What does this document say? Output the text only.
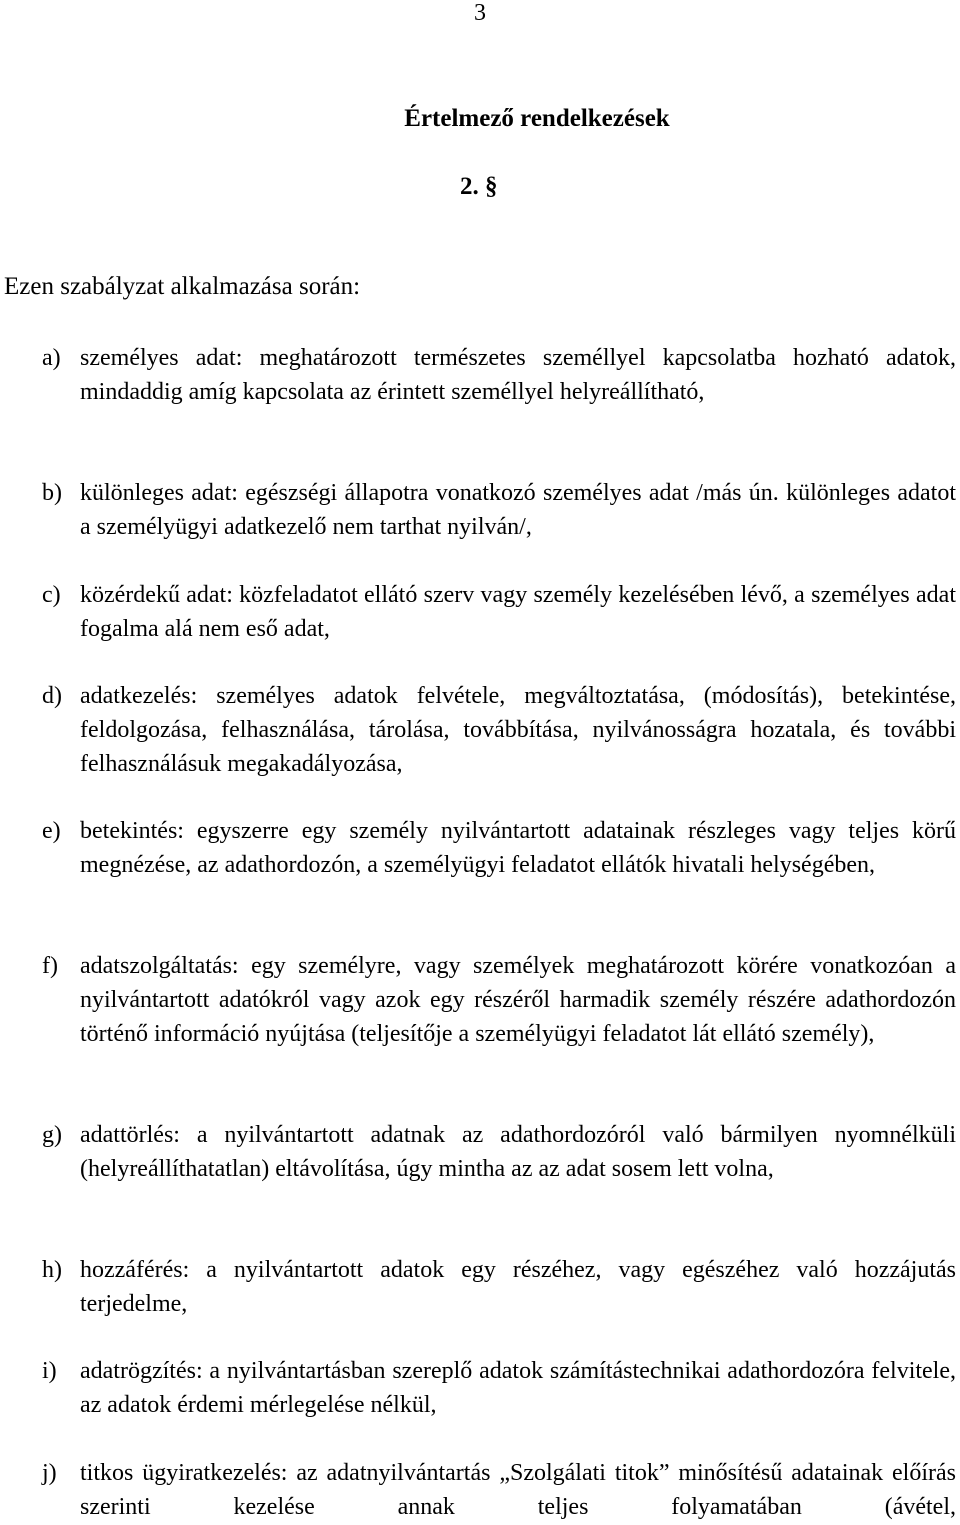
3
Értelmező rendelkezések
2. §
Ezen szabályzat alkalmazása során:
a) személyes adat: meghatározott természetes személlyel kapcsolatba hozható adatok, mindaddig amíg kapcsolata az érintett személlyel helyreállítható,
b) különleges adat: egészségi állapotra vonatkozó személyes adat /más ún. különleges adatot a személyügyi adatkezelő nem tarthat nyilván/,
c) közérdekű adat: közfeladatot ellátó szerv vagy személy kezelésében lévő, a személyes adat fogalma alá nem eső adat,
d) adatkezelés: személyes adatok felvétele, megváltoztatása, (módosítás), betekintése, feldolgozása, felhasználása, tárolása, továbbítása, nyilvánosságra hozatala, és további felhasználásuk megakadályozása,
e) betekintés: egyszerre egy személy nyilvántartott adatainak részleges vagy teljes körű megnézése, az adathordozón, a személyügyi feladatot ellátók hivatali helységében,
f) adatszolgáltatás: egy személyre, vagy személyek meghatározott körére vonatkozóan a nyilvántartott adatókról vagy azok egy részéről harmadik személy részére adathordozón történő információ nyújtása (teljesítője a személyügyi feladatot lát ellátó személy),
g) adattörlés: a nyilvántartott adatnak az adathordozóról való bármilyen nyomnélküli (helyreállíthatatlan) eltávolítása, úgy mintha az az adat sosem lett volna,
h) hozzáférés: a nyilvántartott adatok egy részéhez, vagy egészéhez való hozzájutás terjedelme,
i) adatrögzítés: a nyilvántartásban szereplő adatok számítástechnikai adathordozóra felvitele, az adatok érdemi mérlegelése nélkül,
j) titkos ügyiratkezelés: az adatnyilvántartás „Szolgálati titok” minősítésű adatainak előírás szerinti kezelése annak teljes folyamatában (ávétel,
